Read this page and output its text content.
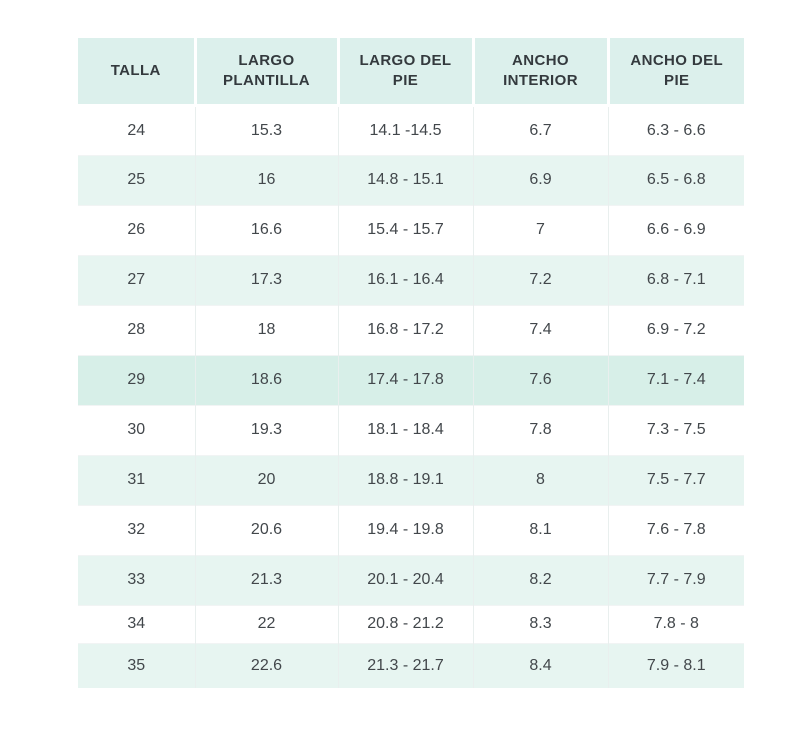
TALLA	LARGO PLANTILLA	LARGO DEL PIE	ANCHO INTERIOR	ANCHO DEL PIE
24	15.3	14.1 -14.5	6.7	6.3 - 6.6
25	16	14.8 - 15.1	6.9	6.5 - 6.8
26	16.6	15.4 - 15.7	7	6.6 - 6.9
27	17.3	16.1 - 16.4	7.2	6.8 - 7.1
28	18	16.8 - 17.2	7.4	6.9 - 7.2
29	18.6	17.4 - 17.8	7.6	7.1 - 7.4
30	19.3	18.1 - 18.4	7.8	7.3 - 7.5
31	20	18.8 - 19.1	8	7.5 - 7.7
32	20.6	19.4 - 19.8	8.1	7.6 - 7.8
33	21.3	20.1 - 20.4	8.2	7.7 - 7.9
34	22	20.8 - 21.2	8.3	7.8 - 8
35	22.6	21.3 - 21.7	8.4	7.9 - 8.1
